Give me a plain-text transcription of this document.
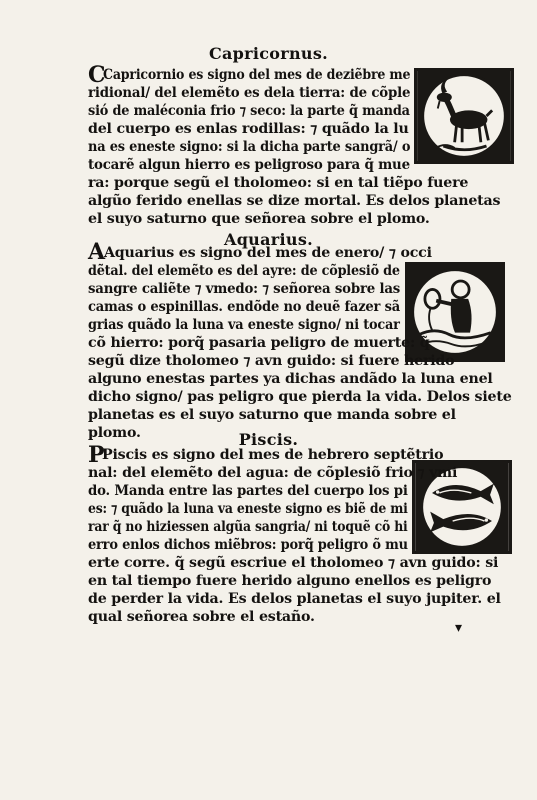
Capricornus.
C
Capricornio es signo del mes de deziẽbre me
ridional/ del elemẽto es dela tierra: de cõple
sió de maléconia frio ⁊ seco: la parte q̃ manda
del cuerpo es enlas rodillas: ⁊ quãdo la lu
na es eneste signo: si la dicha parte sangrã/ o
tocarẽ algun hierro es peligroso para q̃ mue
ra: porque segũ el tholomeo: si en tal tiẽpo fuere algũo ferido enellas se dize mortal. Es delos planetas el suyo saturno que señorea sobre el plomo.
Aquarius.
A
Aquarius es signo del mes de enero/ ⁊ occi
dẽtal. del elemẽto es del ayre: de cõplesiõ de
sangre caliẽte ⁊ vmedo: ⁊ señorea sobre las
camas o espinillas. endõde no deuẽ fazer sã
grias quãdo la luna va eneste signo/ ni tocar
cõ hierro: porq̃ pasaria peligro de muerte: q̃
segũ dize tholomeo ⁊ avn guido: si fuere herido alguno enestas partes ya dichas andãdo la luna enel dicho signo/ pas peligro que pierda la vida. Delos siete planetas es el suyo saturno que manda sobre el plomo.	Piscis.
P
Piscis es signo del mes de hebrero septẽtrio
nal: del elemẽto del agua: de cõplesiõ frio ⁊ vmi
do. Manda entre las partes del cuerpo los pi
es: ⁊ quãdo la luna va eneste signo es biẽ de mi
rar q̃ no hiziessen algũa sangria/ ni toquẽ cõ hi
erro enlos dichos miẽbros: porq̃ peligro õ mu
erte corre. q̃ segũ escriue el tholomeo ⁊ avn guido: si en tal tiempo fuere herido alguno enellos es peligro de perder la vida. Es delos planetas el suyo jupiter. el qual señorea sobre el estaño.
▾
